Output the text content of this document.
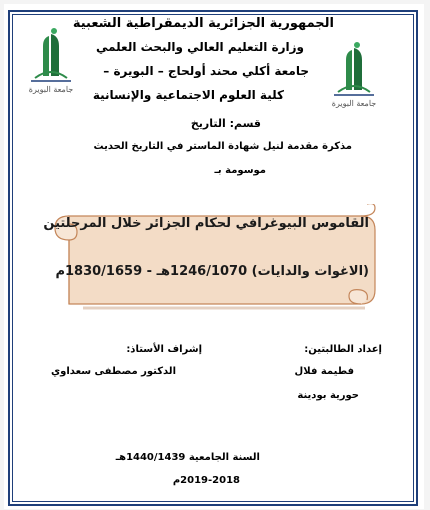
جامعة البويرة
جامعة البويرة
الجمهورية الجزائرية الديمقراطية الشعبية
وزارة التعليم العالي والبحث العلمي
جامعة أكلي محند أولحاج – البويرة –
كلية العلوم الاجتماعية والإنسانية
قسم: التاريخ
مذكرة مقدمة لنيل شهادة الماستر في التاريخ الحديث
موسومة بـ
القاموس البيوغرافي لحكام الجزائر خلال المرحلتين
(الاغوات والدايات) 1246/1070هـ - 1830/1659م
إعداد الطالبتين:
إشراف الأستاذ:
فطيمة فلال
الدكتور مصطفى سعداوي
حورية بودينة
السنة الجامعية 1440/1439هـ
2019-2018م
